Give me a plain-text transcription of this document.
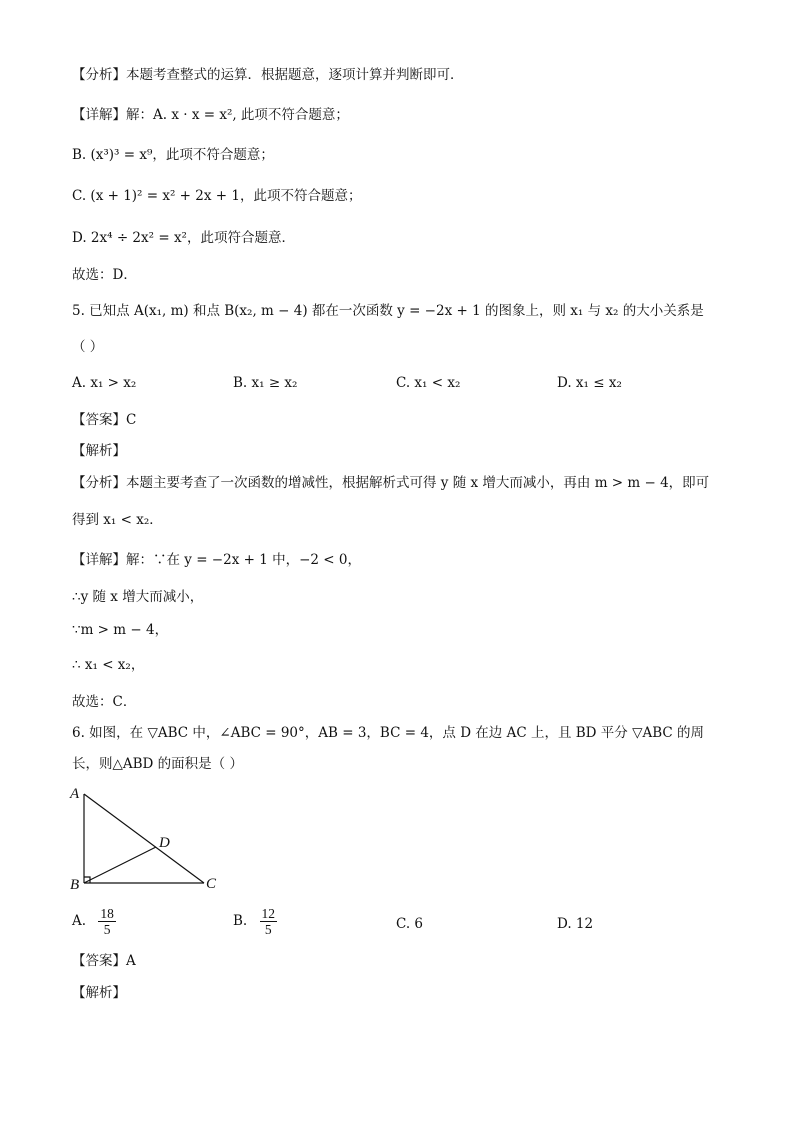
【分析】本题考查整式的运算．根据题意，逐项计算并判断即可．
【详解】解：A. x · x = x², 此项不符合题意；
B. (x³)³ = x⁹，此项不符合题意；
C. (x + 1)² = x² + 2x + 1，此项不符合题意；
D. 2x⁴ ÷ 2x² = x²，此项符合题意．
故选：D．
5. 已知点 A(x₁, m) 和点 B(x₂, m − 4) 都在一次函数 y = −2x + 1 的图象上，则 x₁ 与 x₂ 的大小关系是
（ ）
A. x₁ > x₂	B. x₁ ≥ x₂	C. x₁ < x₂	D. x₁ ≤ x₂
【答案】C
【解析】
【分析】本题主要考查了一次函数的增减性，根据解析式可得 y 随 x 增大而减小，再由 m > m − 4，即可
得到 x₁ < x₂．
【详解】解：∵在 y = −2x + 1 中，−2 < 0，
∴y 随 x 增大而减小，
∵m > m − 4，
∴ x₁ < x₂，
故选：C．
6. 如图，在 ▽ABC 中，∠ABC = 90°，AB = 3，BC = 4，点 D 在边 AC 上，且 BD 平分 ▽ABC 的周
长，则△ABD 的面积是（ ）
A
B	C
D
A. $\frac{18}{5}$	B. $\frac{12}{5}$	C. 6	D. 12
【答案】A
【解析】
